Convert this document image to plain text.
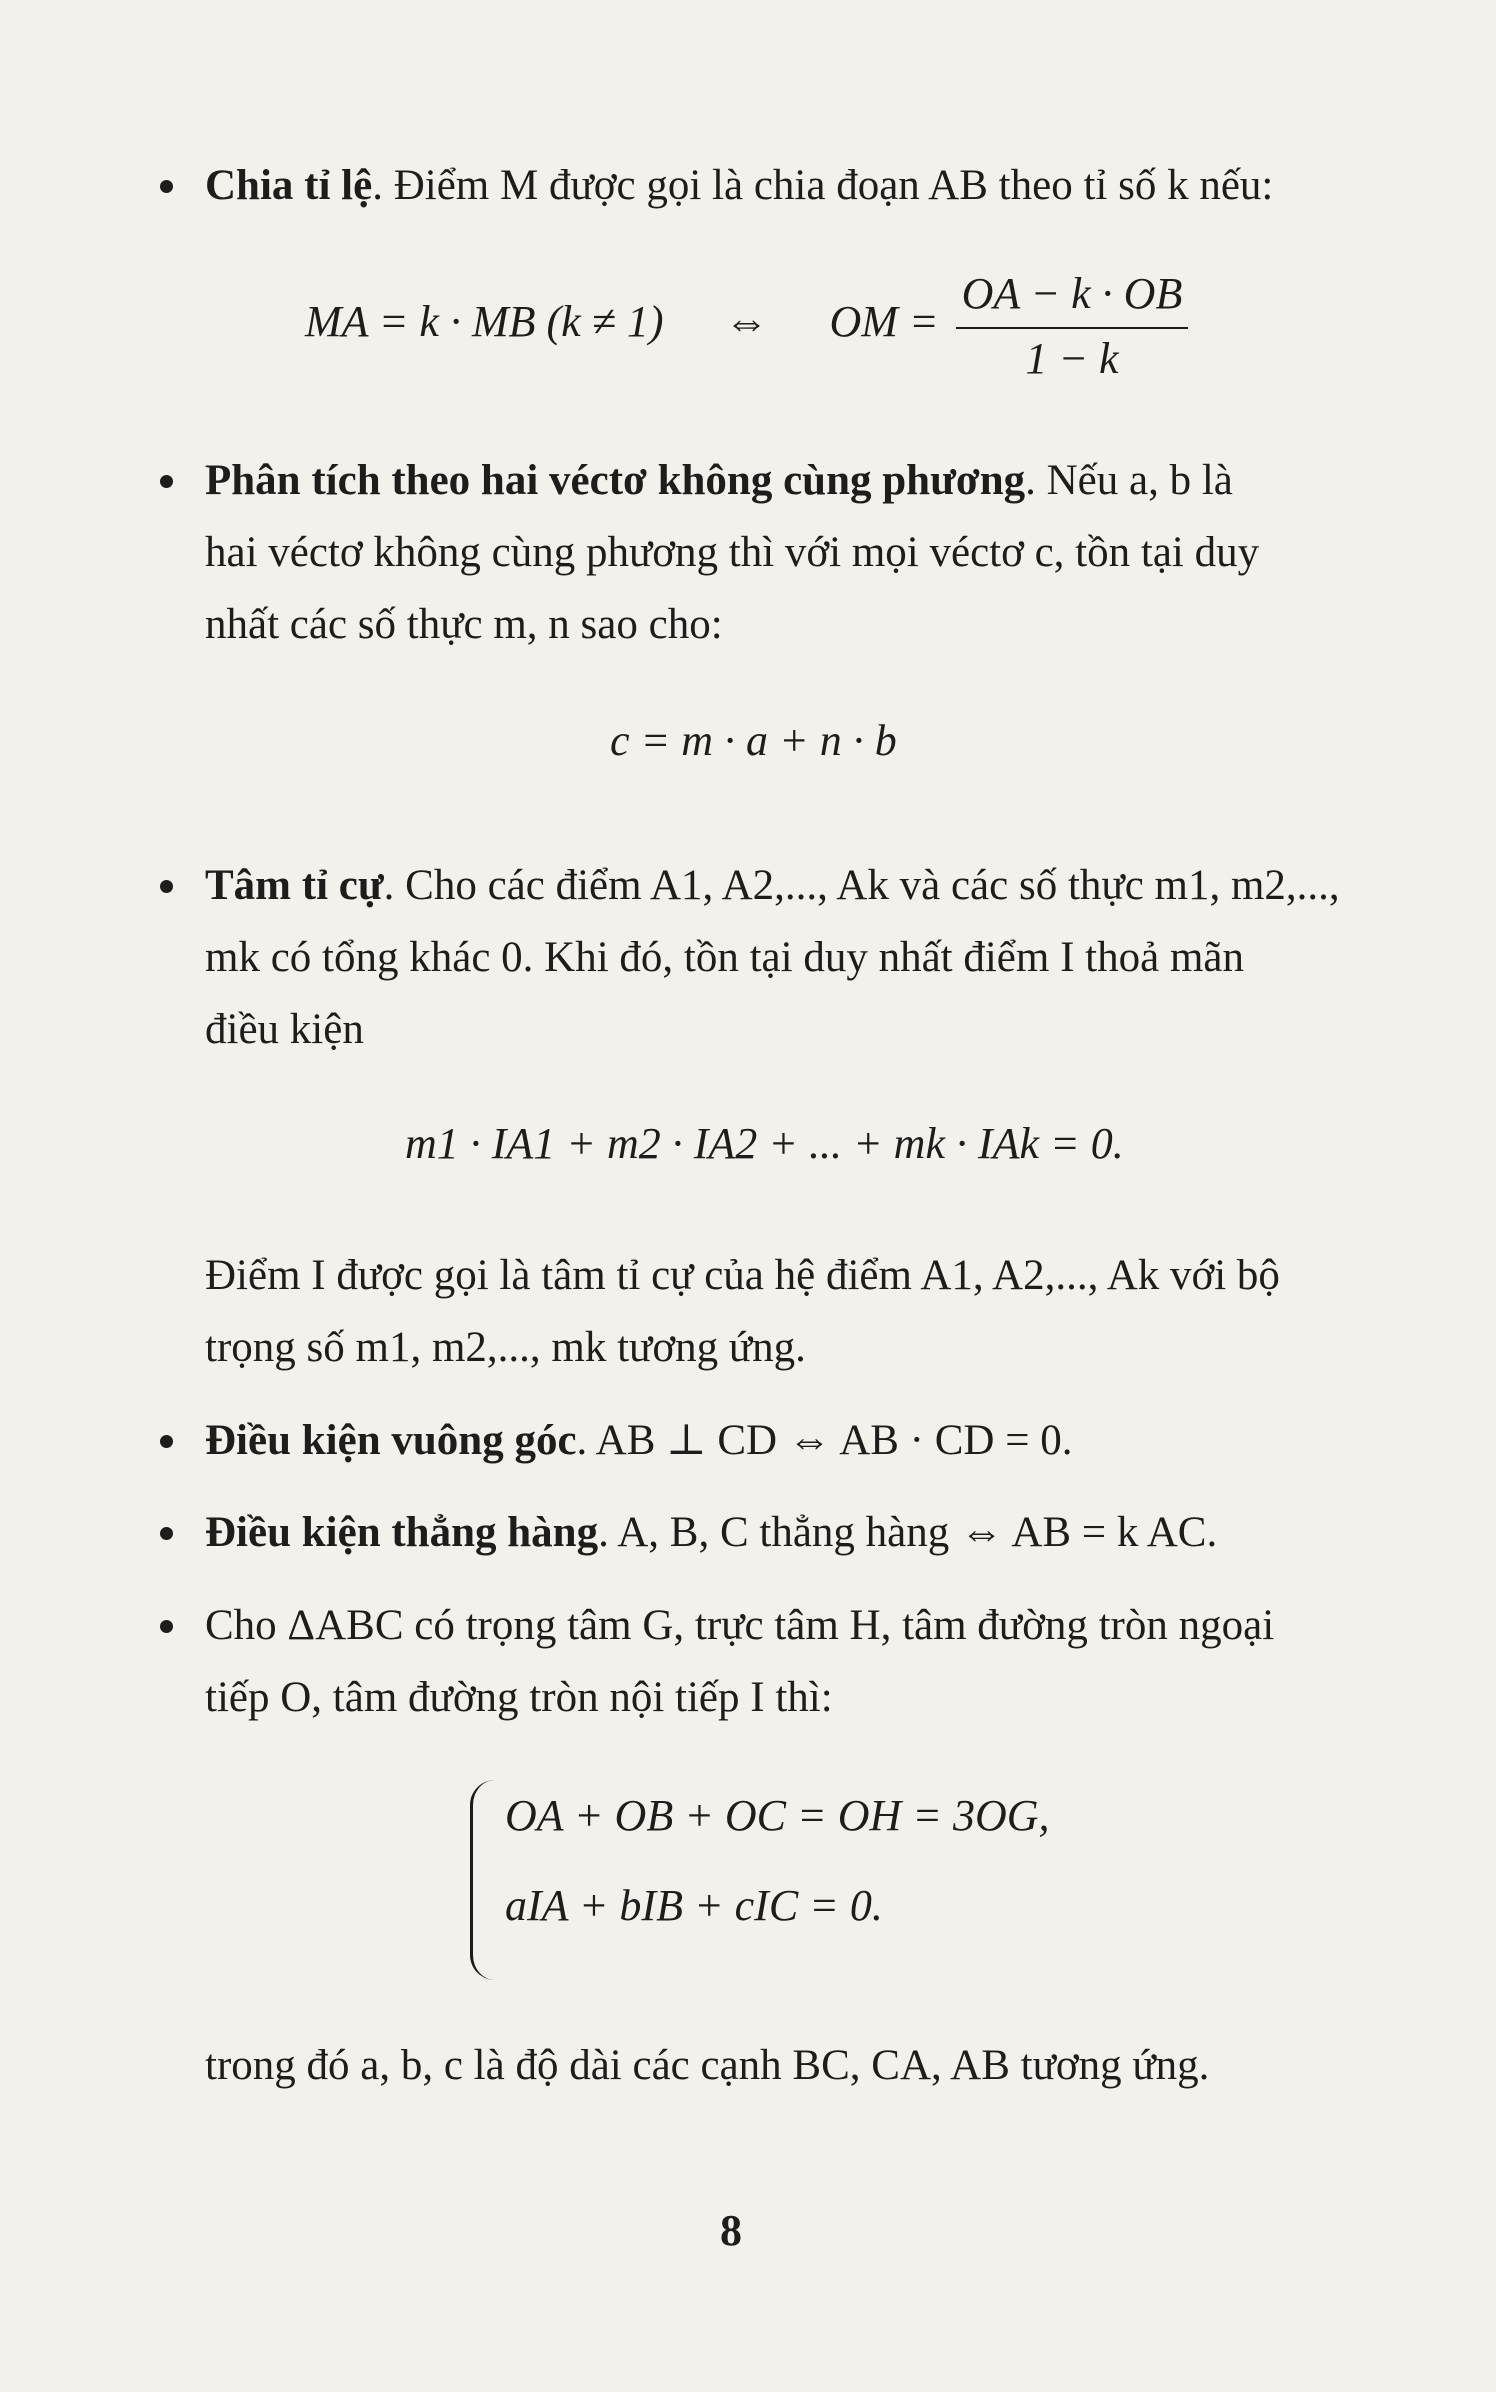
Chia tỉ lệ. Điểm M được gọi là chia đoạn AB theo tỉ số k nếu:
MA = k · MB (k ≠ 1) ⇔ OM = $\frac{OA - k \cdot OB}{1 - k}$
Phân tích theo hai véctơ không cùng phương. Nếu a, b là
hai véctơ không cùng phương thì với mọi véctơ c, tồn tại duy
nhất các số thực m, n sao cho:
c = m · a + n · b
Tâm tỉ cự. Cho các điểm A1, A2,..., Ak và các số thực m1, m2,...,
mk có tổng khác 0. Khi đó, tồn tại duy nhất điểm I thoả mãn
điều kiện
m1 · IA1 + m2 · IA2 + ... + mk · IAk = 0.
Điểm I được gọi là tâm tỉ cự của hệ điểm A1, A2,..., Ak với bộ
trọng số m1, m2,..., mk tương ứng.
Điều kiện vuông góc. AB ⊥ CD ⇔ AB · CD = 0.
Điều kiện thẳng hàng. A, B, C thẳng hàng ⇔ AB = k AC.
Cho ΔABC có trọng tâm G, trực tâm H, tâm đường tròn ngoại
tiếp O, tâm đường tròn nội tiếp I thì:
OA + OB + OC = OH = 3OG,
aIA + bIB + cIC = 0.
trong đó a, b, c là độ dài các cạnh BC, CA, AB tương ứng.
8
